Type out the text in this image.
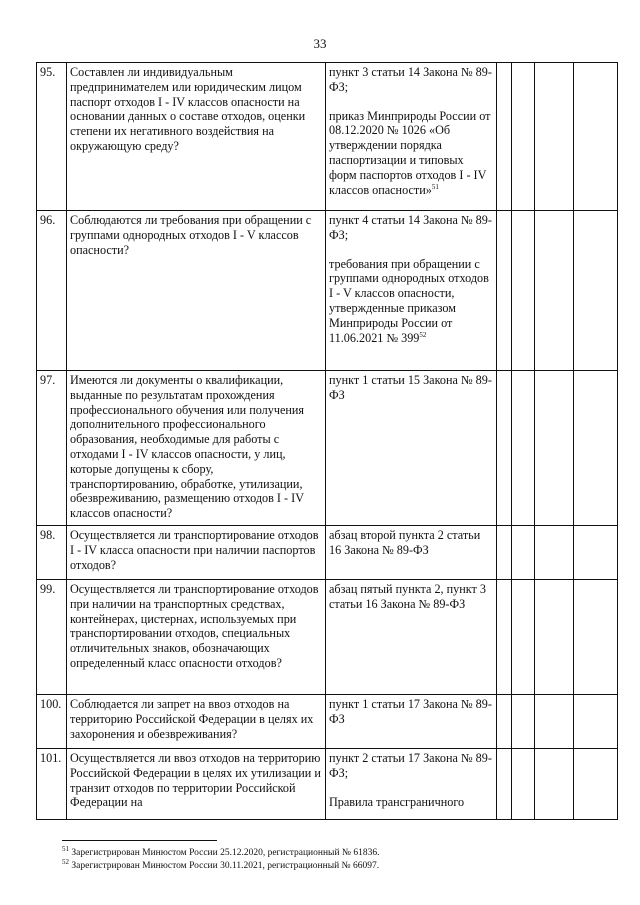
33
95.	Составлен ли индивидуальным предпринимателем или юридическим лицом паспорт отходов I - IV классов опасности на основании данных о составе отходов, оценки степени их негативного воздействия на окружающую среду?	пункт 3 статьи 14 Закона № 89-ФЗ;
приказ Минприроды России от 08.12.2020 № 1026 «Об утверждении порядка паспортизации и типовых форм паспортов отходов I - IV классов опасности»$^{51}$

96.	Соблюдаются ли требования при обращении с группами однородных отходов I - V классов опасности?	пункт 4 статьи 14 Закона № 89-ФЗ;
требования при обращении с группами однородных отходов I - V классов опасности, утвержденные приказом Минприроды России от 11.06.2021 № $399^{52}$

97.	Имеются ли документы о квалификации, выданные по результатам прохождения профессионального обучения или получения дополнительного профессионального образования, необходимые для работы с отходами I - IV классов опасности, у лиц, которые допущены к сбору, транспортированию, обработке, утилизации, обезвреживанию, размещению отходов I - IV классов опасности?	пункт 1 статьи 15 Закона № 89-ФЗ				

98.	Осуществляется ли транспортирование отходов I - IV класса опасности при наличии паспортов отходов?	абзац второй пункта 2 статьи 16 Закона № 89-ФЗ				

99.	Осуществляется ли транспортирование отходов при наличии на транспортных средствах, контейнерах, цистернах, используемых при транспортировании отходов, специальных отличительных знаков, обозначающих определенный класс опасности отходов?	абзац пятый пункта 2, пункт 3 статьи 16 Закона № 89-ФЗ				

100.	Соблюдается ли запрет на ввоз отходов на территорию Российской Федерации в целях их захоронения и обезвреживания?	пункт 1 статьи 17 Закона № 89-ФЗ				

101.	Осуществляется ли ввоз отходов на территорию Российской Федерации в целях их утилизации и транзит отходов по территории Российской Федерации на	пункт 2 статьи 17 Закона № 89-ФЗ;
Правила трансграничного				

$^{51}$ Зарегистрирован Минюстом России 25.12.2020, регистрационный № 61836.
$^{52}$ Зарегистрирован Минюстом России 30.11.2021, регистрационный № 66097.
